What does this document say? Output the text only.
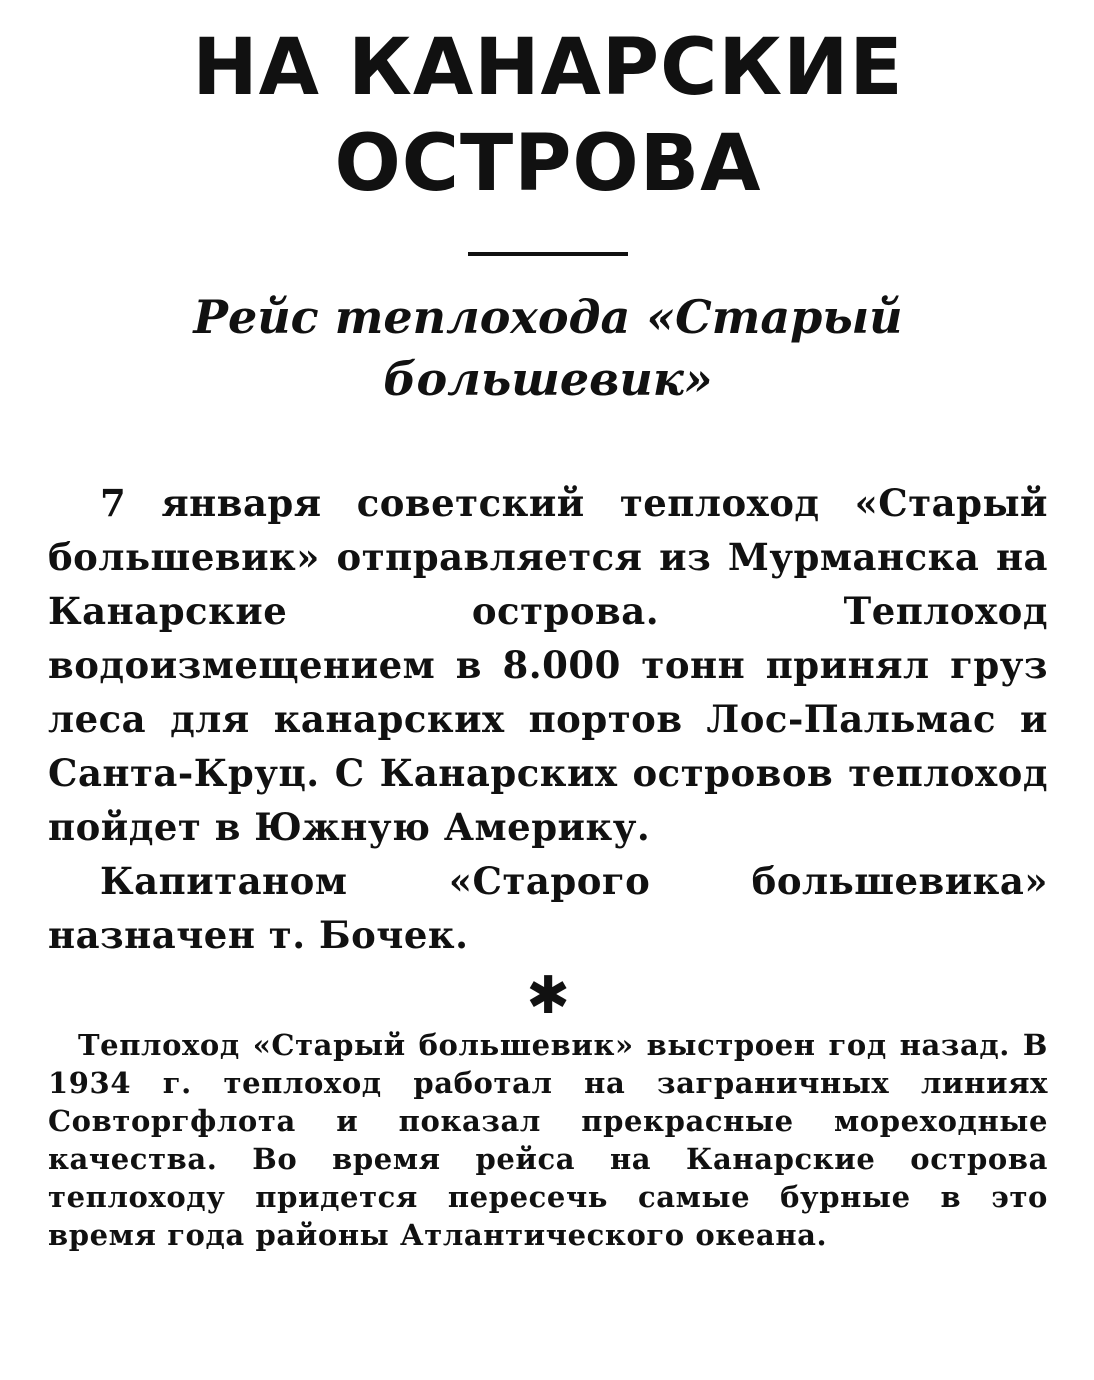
НА КАНАРСКИЕ
ОСТРОВА
Рейс теплохода «Старый
большевик»

7 января советский теплоход «Старый большевик» отправляется из Мурманска на Канарские острова. Теплоход водоизмещением в 8.000 тонн принял груз леса для канарских портов Лос-Пальмас и Санта-Круц. С Канарских островов теплоход пойдет в Южную Америку.

Капитаном «Старого большевика» назначен т. Бочек.

✱

Теплоход «Старый большевик» выстроен год назад. В 1934 г. теплоход работал на заграничных линиях Совторгфлота и показал прекрасные мореходные качества. Во время рейса на Канарские острова теплоходу придется пересечь самые бурные в это время года районы Атлантического океана.
